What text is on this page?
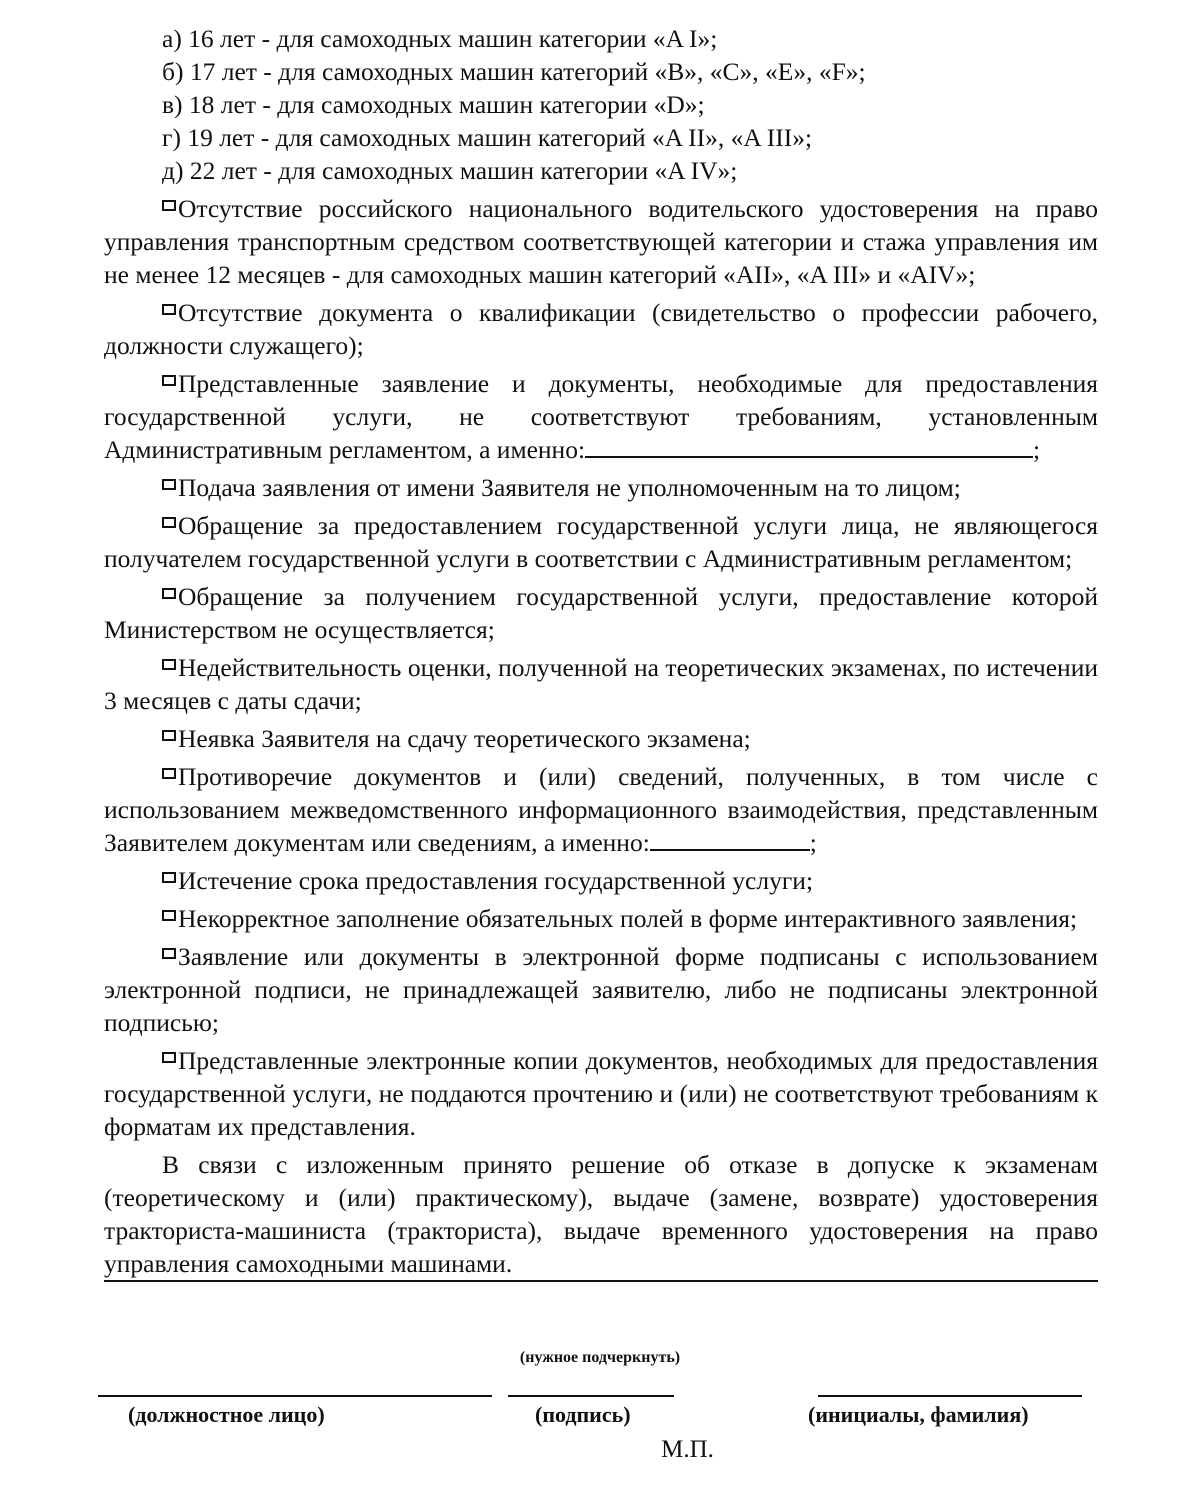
а) 16 лет - для самоходных машин категории «A I»;
б) 17 лет - для самоходных машин категорий «B», «C», «E», «F»;
в) 18 лет - для самоходных машин категории «D»;
г) 19 лет - для самоходных машин категорий «A II», «A III»;
д) 22 лет - для самоходных машин категории «A IV»;
Отсутствие российского национального водительского удостоверения на право управления транспортным средством соответствующей категории и стажа управления им не менее 12 месяцев - для самоходных машин категорий «AII», «A III» и «AIV»;
Отсутствие документа о квалификации (свидетельство о профессии рабочего, должности служащего);
Представленные заявление и документы, необходимые для предоставления государственной услуги, не соответствуют требованиям, установленным Административным регламентом, а именно:	;
Подача заявления от имени Заявителя не уполномоченным на то лицом;
Обращение за предоставлением государственной услуги лица, не являющегося получателем государственной услуги в соответствии с Административным регламентом;
Обращение за получением государственной услуги, предоставление которой Министерством не осуществляется;
Недействительность оценки, полученной на теоретических экзаменах, по истечении 3 месяцев с даты сдачи;
Неявка Заявителя на сдачу теоретического экзамена;
Противоречие документов и (или) сведений, полученных, в том числе с использованием межведомственного информационного взаимодействия, представленным Заявителем документам или сведениям, а именно:	;
Истечение срока предоставления государственной услуги;
Некорректное заполнение обязательных полей в форме интерактивного заявления;
Заявление или документы в электронной форме подписаны с использованием электронной подписи, не принадлежащей заявителю, либо не подписаны электронной подписью;
Представленные электронные копии документов, необходимых для предоставления государственной услуги, не поддаются прочтению и (или) не соответствуют требованиям к форматам их представления.
В связи с изложенным принято решение об отказе в допуске к экзаменам (теоретическому и (или) практическому), выдаче (замене, возврате) удостоверения тракториста-машиниста (тракториста), выдаче временного удостоверения на право управления самоходными машинами.
(нужное подчеркнуть)
(должностное лицо)	(подпись)	(инициалы, фамилия)
М.П.
